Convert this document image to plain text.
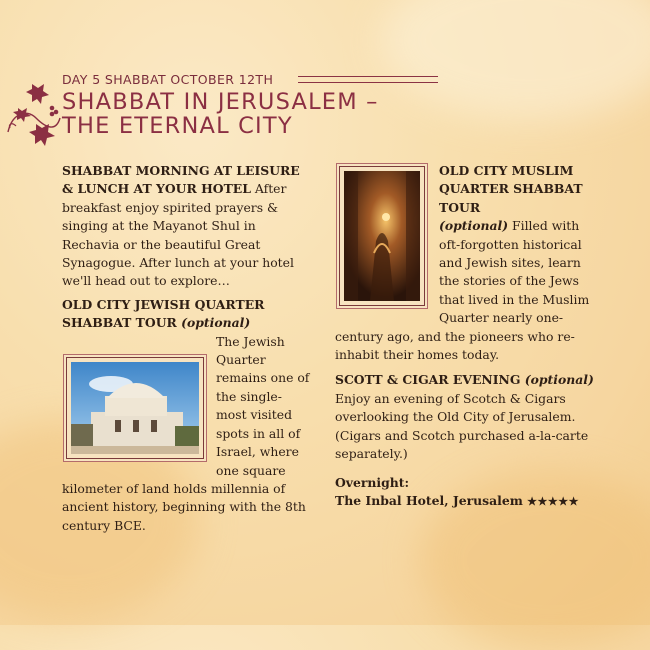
DAY 5 SHABBAT OCTOBER 12TH
SHABBAT IN JERUSALEM –
THE ETERNAL CITY

SHABBAT MORNING AT LEISURE & LUNCH AT YOUR HOTEL After breakfast enjoy spirited prayers & singing at the Mayanot Shul in Rechavia or the beautiful Great Synagogue. After lunch at your hotel we'll head out to explore…

OLD CITY JEWISH QUARTER SHABBAT TOUR (optional)

The Jewish Quarter remains one of the single-most visited spots in all of Israel, where one square kilometer of land holds millennia of ancient history, beginning with the 8th century BCE.

OLD CITY MUSLIM QUARTER SHABBAT TOUR
(optional) Filled with oft-forgotten historical and Jewish sites, learn the stories of the Jews that lived in the Muslim Quarter nearly one-century ago, and the pioneers who re-inhabit their homes today.

SCOTT & CIGAR EVENING (optional)
Enjoy an evening of Scotch & Cigars overlooking the Old City of Jerusalem. (Cigars and Scotch purchased a-la-carte separately.)

Overnight:
The Inbal Hotel, Jerusalem ★★★★★
